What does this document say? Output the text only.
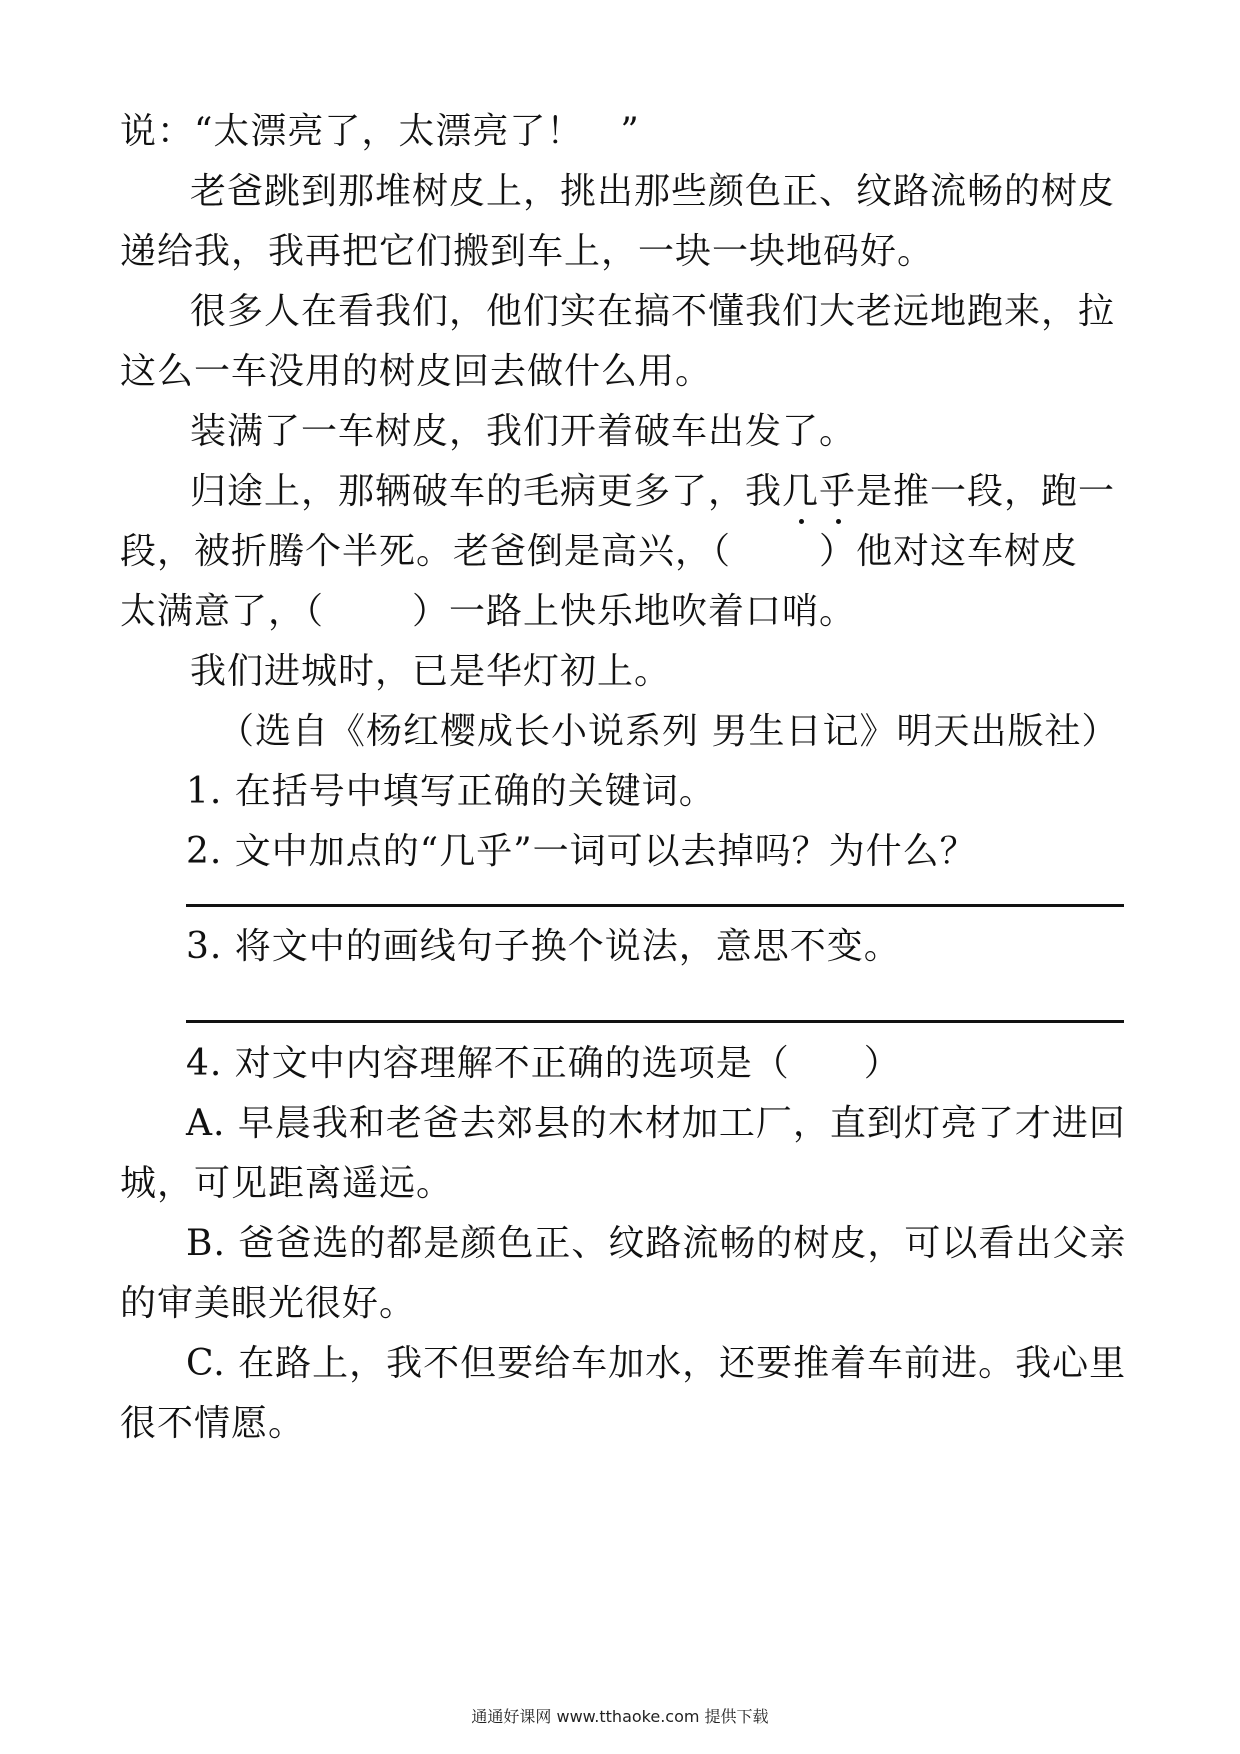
说：“太漂亮了，太漂亮了！　”
老爸跳到那堆树皮上，挑出那些颜色正、纹路流畅的树皮
递给我，我再把它们搬到车上，一块一块地码好。
很多人在看我们，他们实在搞不懂我们大老远地跑来，拉
这么一车没用的树皮回去做什么用。
装满了一车树皮，我们开着破车出发了。
归途上，那辆破车的毛病更多了，我几乎是推一段，跑一
段，被折腾个半死。老爸倒是高兴，（ ）他对这车树皮
太满意了，（ ）一路上快乐地吹着口哨。
我们进城时，已是华灯初上。
（选自《杨红樱成长小说系列 男生日记》明天出版社）
1. 在括号中填写正确的关键词。
2. 文中加点的“几乎”一词可以去掉吗？为什么？
3. 将文中的画线句子换个说法，意思不变。
4. 对文中内容理解不正确的选项是（　　）
A. 早晨我和老爸去郊县的木材加工厂，直到灯亮了才进回
城，可见距离遥远。
B. 爸爸选的都是颜色正、纹路流畅的树皮，可以看出父亲
的审美眼光很好。
C. 在路上，我不但要给车加水，还要推着车前进。我心里
很不情愿。
通通好课网 www.tthaoke.com 提供下载
